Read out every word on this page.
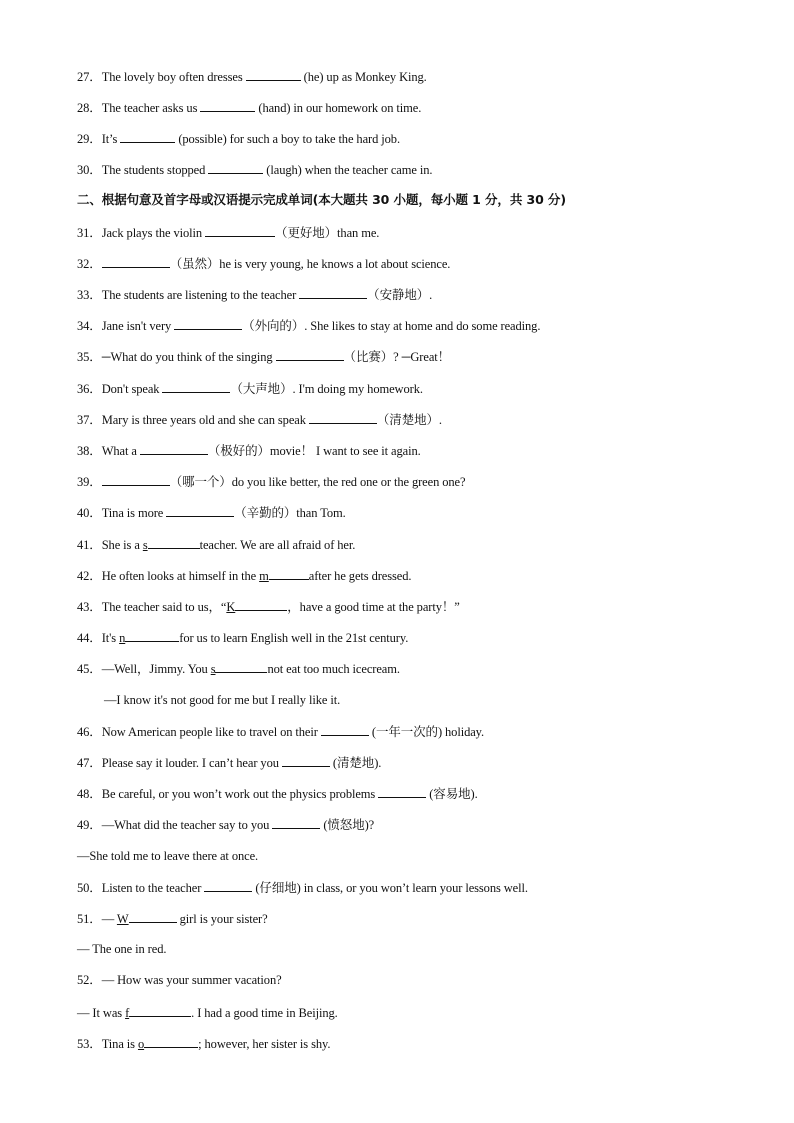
27．The lovely boy often dresses	(he) up as Monkey King.
28．The teacher asks us	(hand) in our homework on time.
29．It’s	(possible) for such a boy to take the hard job.
30．The students stopped	(laugh) when the teacher came in.
二、根据句意及首字母或汉语提示完成单词(本大题共 30 小题，每小题 1 分，共 30 分)
31．Jack plays the violin	（更好地）than me.
32．	（虽然）he is very young, he knows a lot about science.
33．The students are listening to the teacher	（安静地）.
34．Jane isn't very	（外向的）. She likes to stay at home and do some reading.
35．─What do you think of the singing	（比赛）? ─Great！
36．Don't speak	（大声地）. I'm doing my homework.
37．Mary is three years old and she can speak	（清楚地）.
38．What a	（极好的）movie！ I want to see it again.
39．	（哪一个）do you like better, the red one or the green one?
40．Tina is more	（辛勤的）than Tom.
41．She is a s	teacher. We are all afraid of her.
42．He often looks at himself in the m	after he gets dressed.
43．The teacher said to us，“K	，have a good time at the party！”
44．It's n	for us to learn English well in the 21st century.
45．—Well，Jimmy. You s	not eat too much icecream.
—I know it's not good for me but I really like it.
46．Now American people like to travel on their	(一年一次的) holiday.
47．Please say it louder. I can’t hear you	(清楚地).
48．Be careful, or you won’t work out the physics problems	(容易地).
49．—What did the teacher say to you	(愤怒地)?
—She told me to leave there at once.
50．Listen to the teacher	(仔细地) in class, or you won’t learn your lessons well.
51．— W	girl is your sister?
— The one in red.
52．— How was your summer vacation?
— It was f	. I had a good time in Beijing.
53．Tina is o	; however, her sister is shy.
